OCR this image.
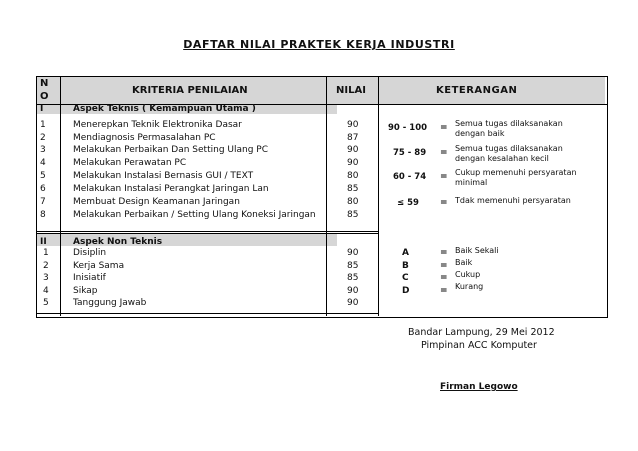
DAFTAR NILAI PRAKTEK KERJA INDUSTRI
N
O
KRITERIA PENILAIAN	NILAI	KETERANGAN
I	Aspek Teknis ( Kemampuan Utama )
1	Menerepkan Teknik Elektronika Dasar	90
2	Mendiagnosis Permasalahan PC	87
3	Melakukan Perbaikan Dan Setting Ulang PC	90
4	Melakukan Perawatan PC	90
5	Melakukan Instalasi Bernasis GUI / TEXT	80
6	Melakukan Instalasi Perangkat Jaringan Lan	85
7	Membuat Design Keamanan Jaringan	80
8	Melakukan Perbaikan / Setting Ulang Koneksi Jaringan	85
II	Aspek Non Teknis
1	Disiplin	90
2	Kerja Sama	85
3	Inisiatif	85
4	Sikap	90
5	Tanggung Jawab	90
90 - 100 = Semua tugas dilaksanakan
dengan baik
75 - 89 = Semua tugas dilaksanakan
dengan kesalahan kecil
60 - 74 = Cukup memenuhi persyaratan
minimal
≤ 59 = Tdak memenuhi persyaratan
A	= Baik Sekali
B	= Baik
C	= Cukup
D	= Kurang
Bandar Lampung, 29 Mei 2012
Pimpinan ACC Komputer
Firman Legowo
